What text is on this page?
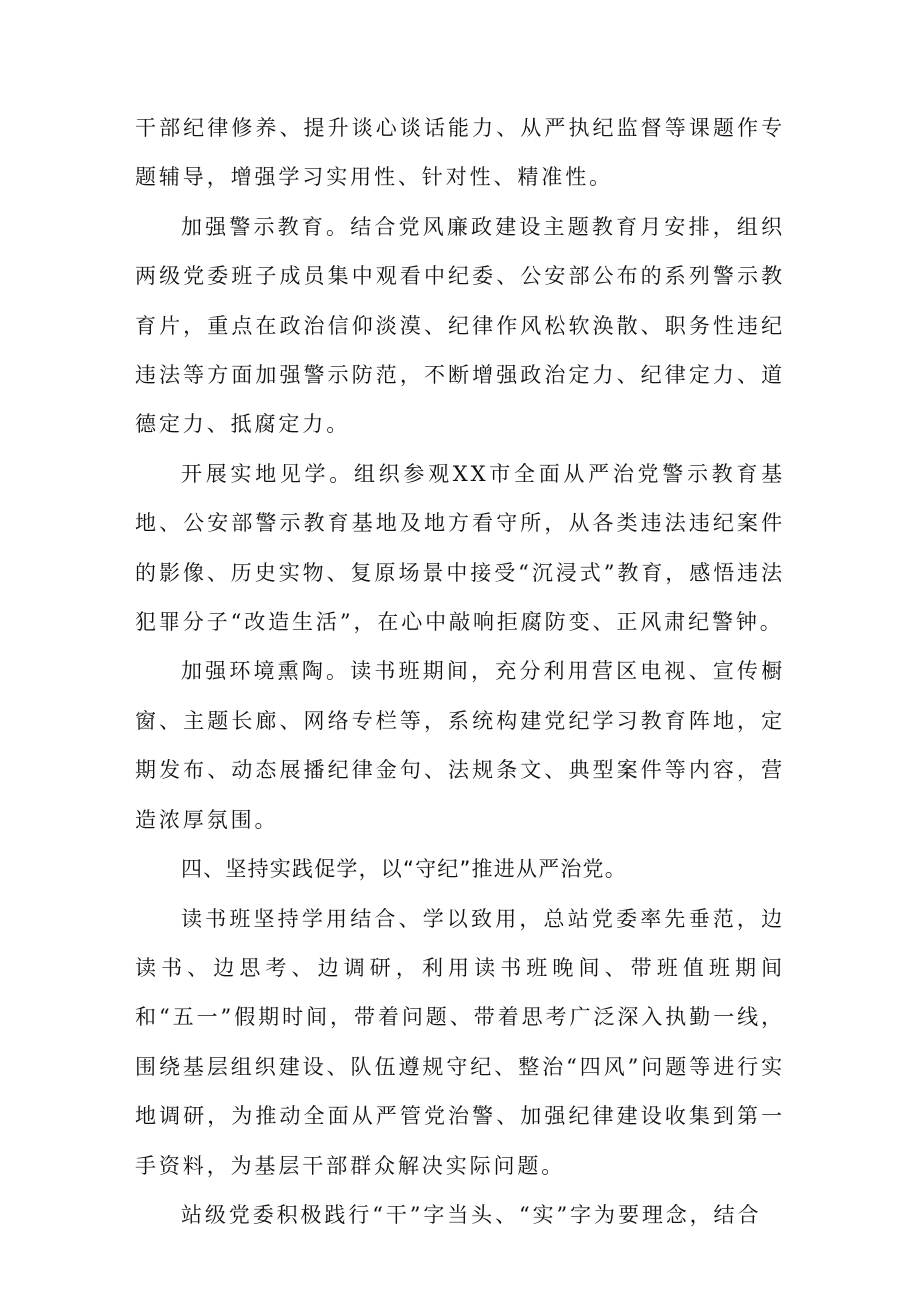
干部纪律修养、提升谈心谈话能力、从严执纪监督等课题作专题辅导，增强学习实用性、针对性、精准性。

加强警示教育。结合党风廉政建设主题教育月安排，组织两级党委班子成员集中观看中纪委、公安部公布的系列警示教育片，重点在政治信仰淡漠、纪律作风松软涣散、职务性违纪违法等方面加强警示防范，不断增强政治定力、纪律定力、道德定力、抵腐定力。

开展实地见学。组织参观XX市全面从严治党警示教育基地、公安部警示教育基地及地方看守所，从各类违法违纪案件的影像、历史实物、复原场景中接受“沉浸式”教育，感悟违法犯罪分子“改造生活”，在心中敲响拒腐防变、正风肃纪警钟。

加强环境熏陶。读书班期间，充分利用营区电视、宣传橱窗、主题长廊、网络专栏等，系统构建党纪学习教育阵地，定期发布、动态展播纪律金句、法规条文、典型案件等内容，营造浓厚氛围。

四、坚持实践促学，以“守纪”推进从严治党。

读书班坚持学用结合、学以致用，总站党委率先垂范，边读书、边思考、边调研，利用读书班晚间、带班值班期间和“五一”假期时间，带着问题、带着思考广泛深入执勤一线，围绕基层组织建设、队伍遵规守纪、整治“四风”问题等进行实地调研，为推动全面从严管党治警、加强纪律建设收集到第一手资料，为基层干部群众解决实际问题。

站级党委积极践行“干”字当头、“实”字为要理念，结合
